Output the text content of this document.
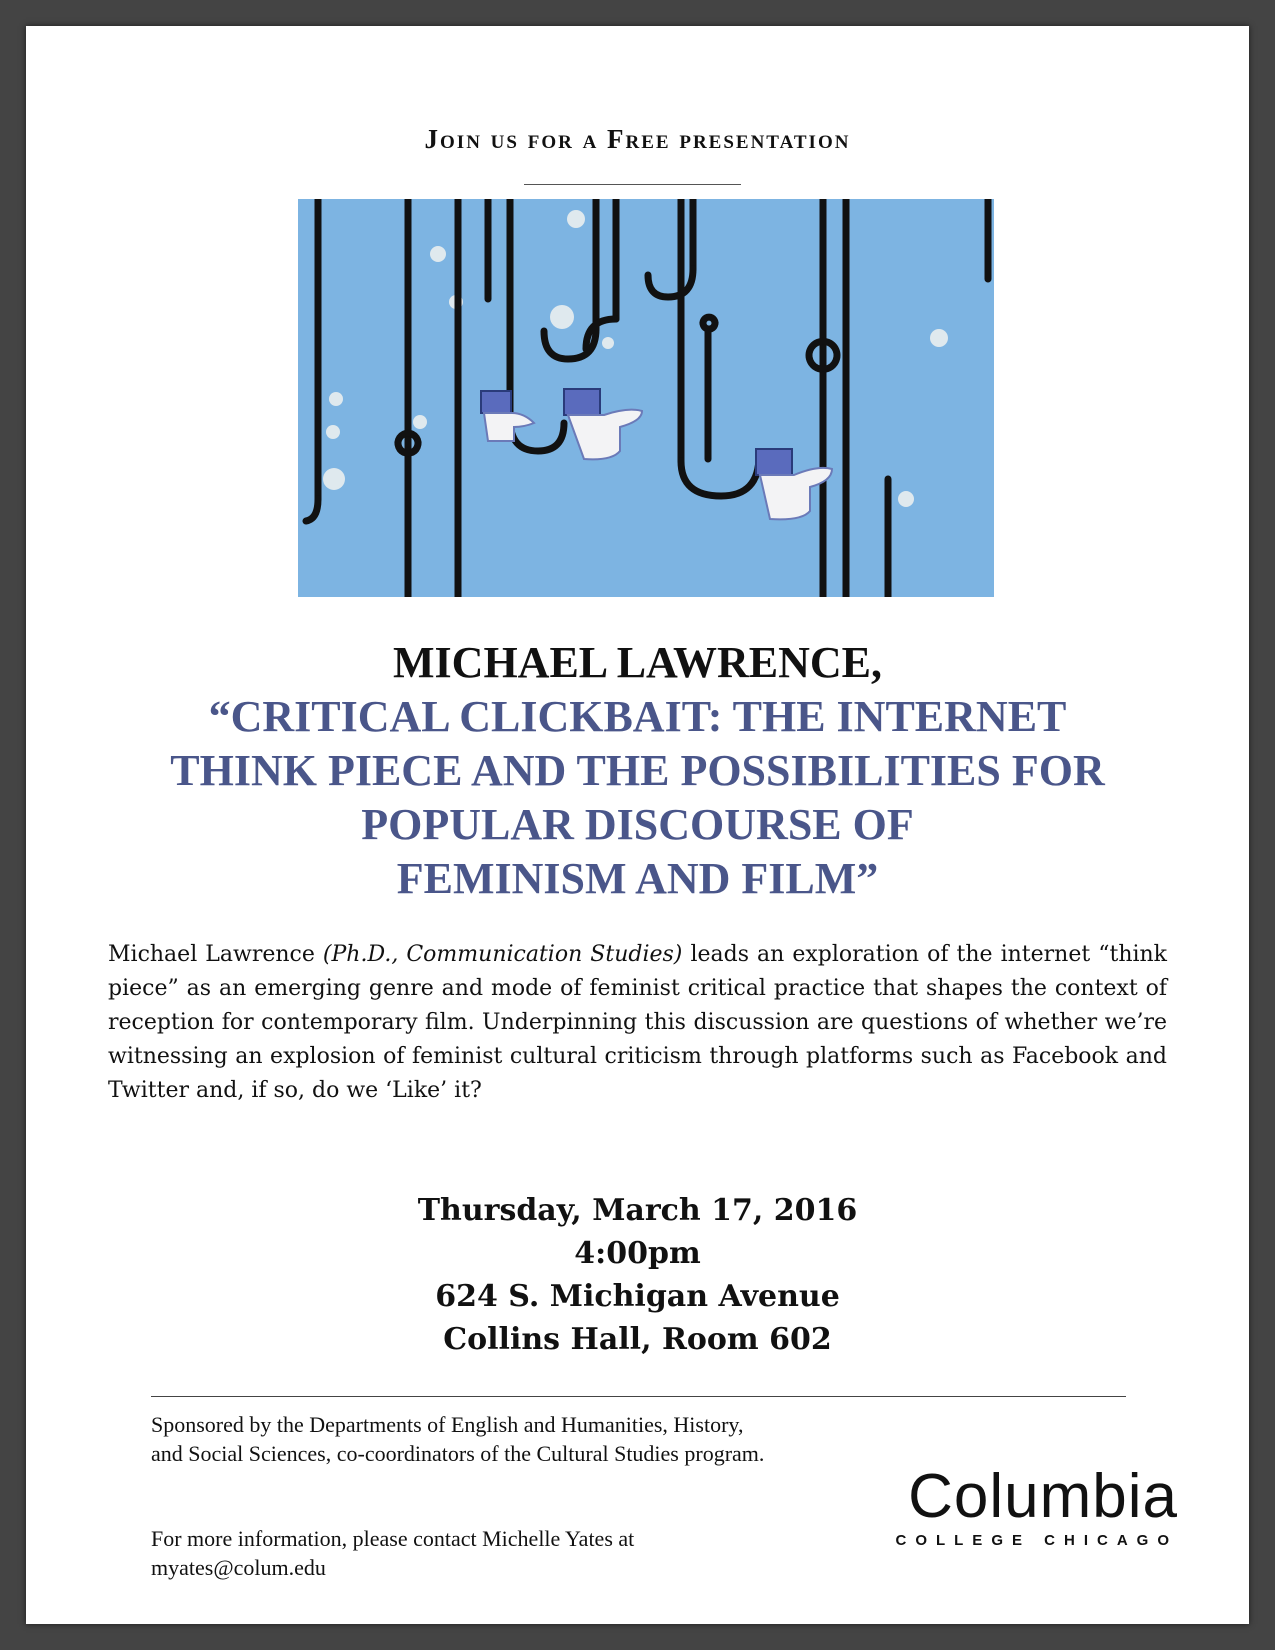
Join us for a Free presentation
MICHAEL LAWRENCE,
“CRITICAL CLICKBAIT: THE INTERNET
THINK PIECE AND THE POSSIBILITIES FOR
POPULAR DISCOURSE OF
FEMINISM AND FILM”
Michael Lawrence (Ph.D., Communication Studies) leads an exploration of the internet “think piece” as an emerging genre and mode of feminist critical practice that shapes the context of reception for contemporary film. Underpinning this discussion are questions of whether we’re witnessing an explosion of feminist cultural criticism through platforms such as Facebook and Twitter and, if so, do we ‘Like’ it?
Thursday, March 17, 2016
4:00pm
624 S. Michigan Avenue
Collins Hall, Room 602
Sponsored by the Departments of English and Humanities, History, and Social Sciences, co-coordinators of the Cultural Studies program.
For more information, please contact Michelle Yates at myates@colum.edu
Columbia
COLLEGE CHICAGO
